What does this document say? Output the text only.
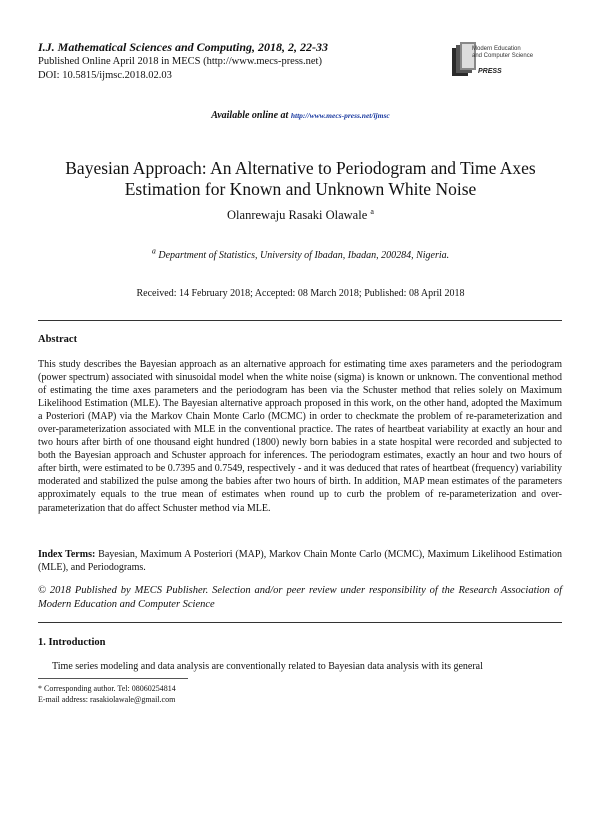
I.J. Mathematical Sciences and Computing, 2018, 2, 22-33
Published Online April 2018 in MECS (http://www.mecs-press.net)
DOI: 10.5815/ijmsc.2018.02.03
Modern Education
and Computer Science
PRESS
Available online at http://www.mecs-press.net/ijmsc
Bayesian Approach: An Alternative to Periodogram and Time Axes Estimation for Known and Unknown White Noise
Olanrewaju Rasaki Olawale $^a$
$^a$ Department of Statistics, University of Ibadan, Ibadan, 200284, Nigeria.
Received: 14 February 2018; Accepted: 08 March 2018; Published: 08 April 2018
Abstract
This study describes the Bayesian approach as an alternative approach for estimating time axes parameters and the periodogram (power spectrum) associated with sinusoidal model when the white noise (sigma) is known or unknown. The conventional method of estimating the time axes parameters and the periodogram has been via the Schuster method that relies solely on Maximum Likelihood Estimation (MLE). The Bayesian alternative approach proposed in this work, on the other hand, adopted the Maximum a Posteriori (MAP) via the Markov Chain Monte Carlo (MCMC) in order to checkmate the problem of re-parameterization and over-parameterization associated with MLE in the conventional practice. The rates of heartbeat variability at exactly an hour and two hours after birth of one thousand eight hundred (1800) newly born babies in a state hospital were recorded and subjected to both the Bayesian approach and Schuster approach for inferences. The periodogram estimates, exactly an hour and two hours of after birth, were estimated to be 0.7395 and 0.7549, respectively - and it was deduced that rates of heartbeat (frequency) variability moderated and stabilized the pulse among the babies after two hours of birth. In addition, MAP mean estimates of the parameters approximately equals to the true mean of estimates when round up to curb the problem of re-parameterization and over- parameterization that do affect Schuster method via MLE.
Index Terms: Bayesian, Maximum A Posteriori (MAP), Markov Chain Monte Carlo (MCMC), Maximum Likelihood Estimation (MLE), and Periodograms.
© 2018 Published by MECS Publisher. Selection and/or peer review under responsibility of the Research Association of Modern Education and Computer Science
1. Introduction
Time series modeling and data analysis are conventionally related to Bayesian data analysis with its general
* Corresponding author. Tel: 08060254814
E-mail address: rasakiolawale@gmail.com
